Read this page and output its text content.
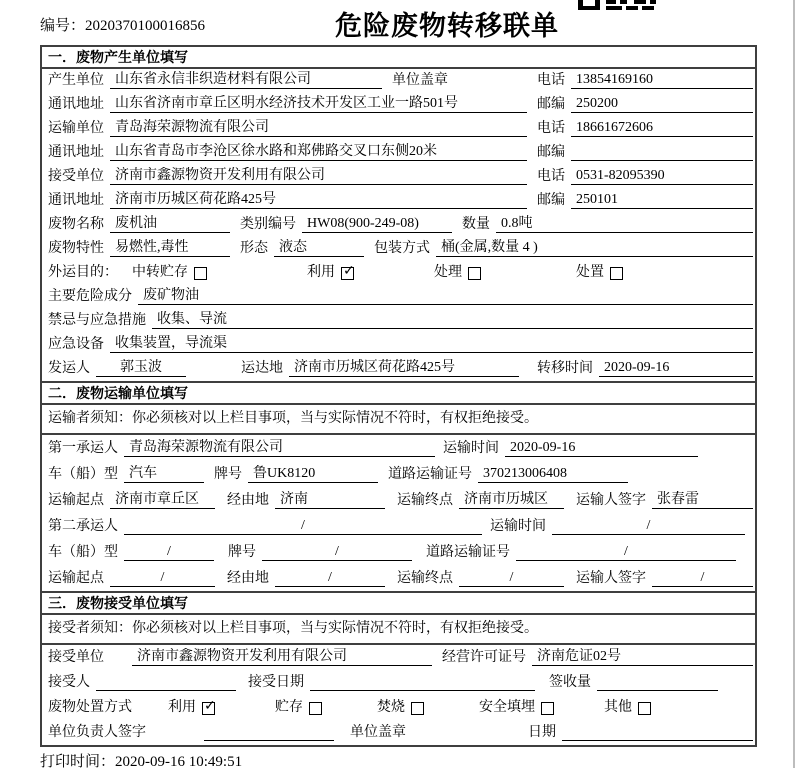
编号：2020370100016856	危险废物转移联单
一．废物产生单位填写
产生单位 山东省永信非织造材料有限公司	单位盖章	电话 13854169160
通讯地址 山东省济南市章丘区明水经济技术开发区工业一路501号	邮编 250200
运输单位 青岛海荣源物流有限公司	电话 18661672606
通讯地址 山东省青岛市李沧区徐水路和郑佛路交叉口东侧20米	邮编
接受单位 济南市鑫源物资开发利用有限公司	电话 0531-82095390
通讯地址 济南市历城区荷花路425号	邮编 250101
废物名称 废机油	类别编号 HW08(900-249-08)	数量 0.8吨
废物特性 易燃性,毒性	形态 液态	包装方式 桶(金属,数量 4 )
外运目的： 中转贮存	利用 ✓	处理	处置
主要危险成分 废矿物油
禁忌与应急措施 收集、导流
应急设备 收集装置，导流渠
发运人	郭玉波	运达地 济南市历城区荷花路425号	转移时间 2020-09-16
二．废物运输单位填写
运输者须知：你必须核对以上栏目事项，当与实际情况不符时，有权拒绝接受。
第一承运人 青岛海荣源物流有限公司	运输时间 2020-09-16
车（船）型 汽车	牌号 鲁UK8120	道路运输证号 370213006408
运输起点 济南市章丘区	经由地 济南	运输终点 济南市历城区	运输人签字 张春雷
第二承运人	/	运输时间	/
车（船）型	/	牌号	/	道路运输证号	/
运输起点	/	经由地	/	运输终点	/	运输人签字	/
三．废物接受单位填写
接受者须知：你必须核对以上栏目事项，当与实际情况不符时，有权拒绝接受。
接受单位	济南市鑫源物资开发利用有限公司	经营许可证号 济南危证02号
接受人	接受日期	签收量
废物处置方式	利用 ✓	贮存	焚烧	安全填埋	其他
单位负责人签字	单位盖章	日期
打印时间：2020-09-16 10:49:51
